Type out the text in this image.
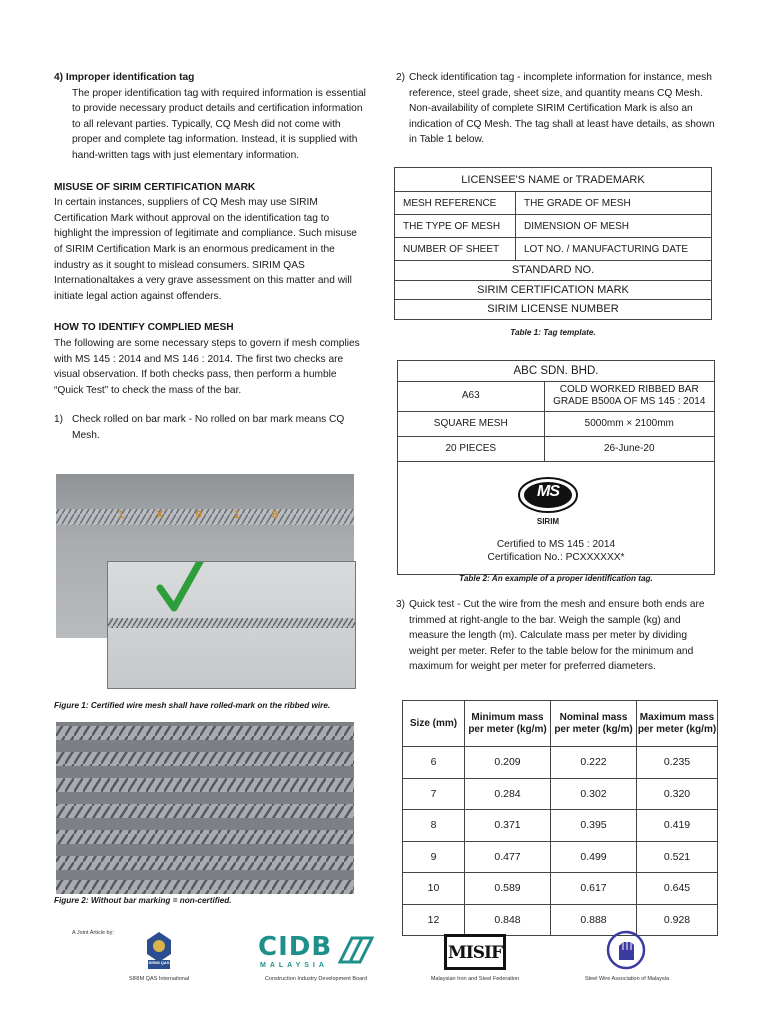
4) Improper identification tag

The proper identification tag with required information is essential to provide necessary product details and certification information to all relevant parties. Typically, CQ Mesh did not come with proper and complete tag information. Instead, it is supplied with hand-written tags with just elementary information.

MISUSE OF SIRIM CERTIFICATION MARK

In certain instances, suppliers of CQ Mesh may use SIRIM Certification Mark without approval on the identification tag to highlight the impression of legitimate and compliance. Such misuse of SIRIM Certification Mark is an enormous predicament in the industry as it sought to mislead consumers. SIRIM QAS Internationaltakes a very grave assessment on this matter and will initiate legal action against offenders.

HOW TO IDENTIFY COMPLIED MESH

The following are some necessary steps to govern if mesh complies with MS 145 : 2014 and MS 146 : 2014. The first two checks are visual observation. If both checks pass, then perform a humble “Quick Test” to check the mass of the bar.

1) Check rolled on bar mark - No rolled on bar mark means CQ Mesh.
1	X	9	1	8
Figure 1: Certified wire mesh shall have rolled-mark on the ribbed wire.
Figure 2: Without bar marking = non-certified.
2) Check identification tag - incomplete information for instance, mesh reference, steel grade, sheet size, and quantity means CQ Mesh. Non-availability of complete SIRIM Certification Mark is also an indication of CQ Mesh. The tag shall at least have details, as shown in Table 1 below.
LICENSEE'S NAME or TRADEMARK	
MESH REFERENCE	THE GRADE OF MESH
THE TYPE OF MESH	DIMENSION OF MESH
NUMBER OF SHEET	LOT NO. / MANUFACTURING DATE
STANDARD NO.	
SIRIM CERTIFICATION MARK	
SIRIM LICENSE NUMBER	
Table 1: Tag template.
ABC SDN. BHD.	
A63	COLD WORKED RIBBED BAR
GRADE B500A OF MS 145 : 2014

SQUARE MESH	5000mm × 2100mm
20 PIECES	26-June-20
MS
SIRIM
Certified to MS 145 : 2014
Certification No.: PCXXXXXX*
Table 2: An example of a proper identification tag.
3) Quick test - Cut the wire from the mesh and ensure both ends are trimmed at right-angle to the bar. Weigh the sample (kg) and measure the length (m). Calculate mass per meter by dividing weight per meter. Refer to the table below for the minimum and maximum for weight per meter for preferred diameters.
Size (mm)	Minimum mass per meter (kg/m)	Nominal mass per meter (kg/m)	Maximum mass per meter (kg/m)
6	0.209	0.222	0.235
7	0.284	0.302	0.320
8	0.371	0.395	0.419
9	0.477	0.499	0.521
10	0.589	0.617	0.645
12	0.848	0.888	0.928
A Joint Article by:
SIRIM QAS
SIRIM QAS International
CIDB
MALAYSIA
Construction Industry Development Board
MISIF
Malaysian Iron and Steel Federation	Steel Wire Association of Malaysia
